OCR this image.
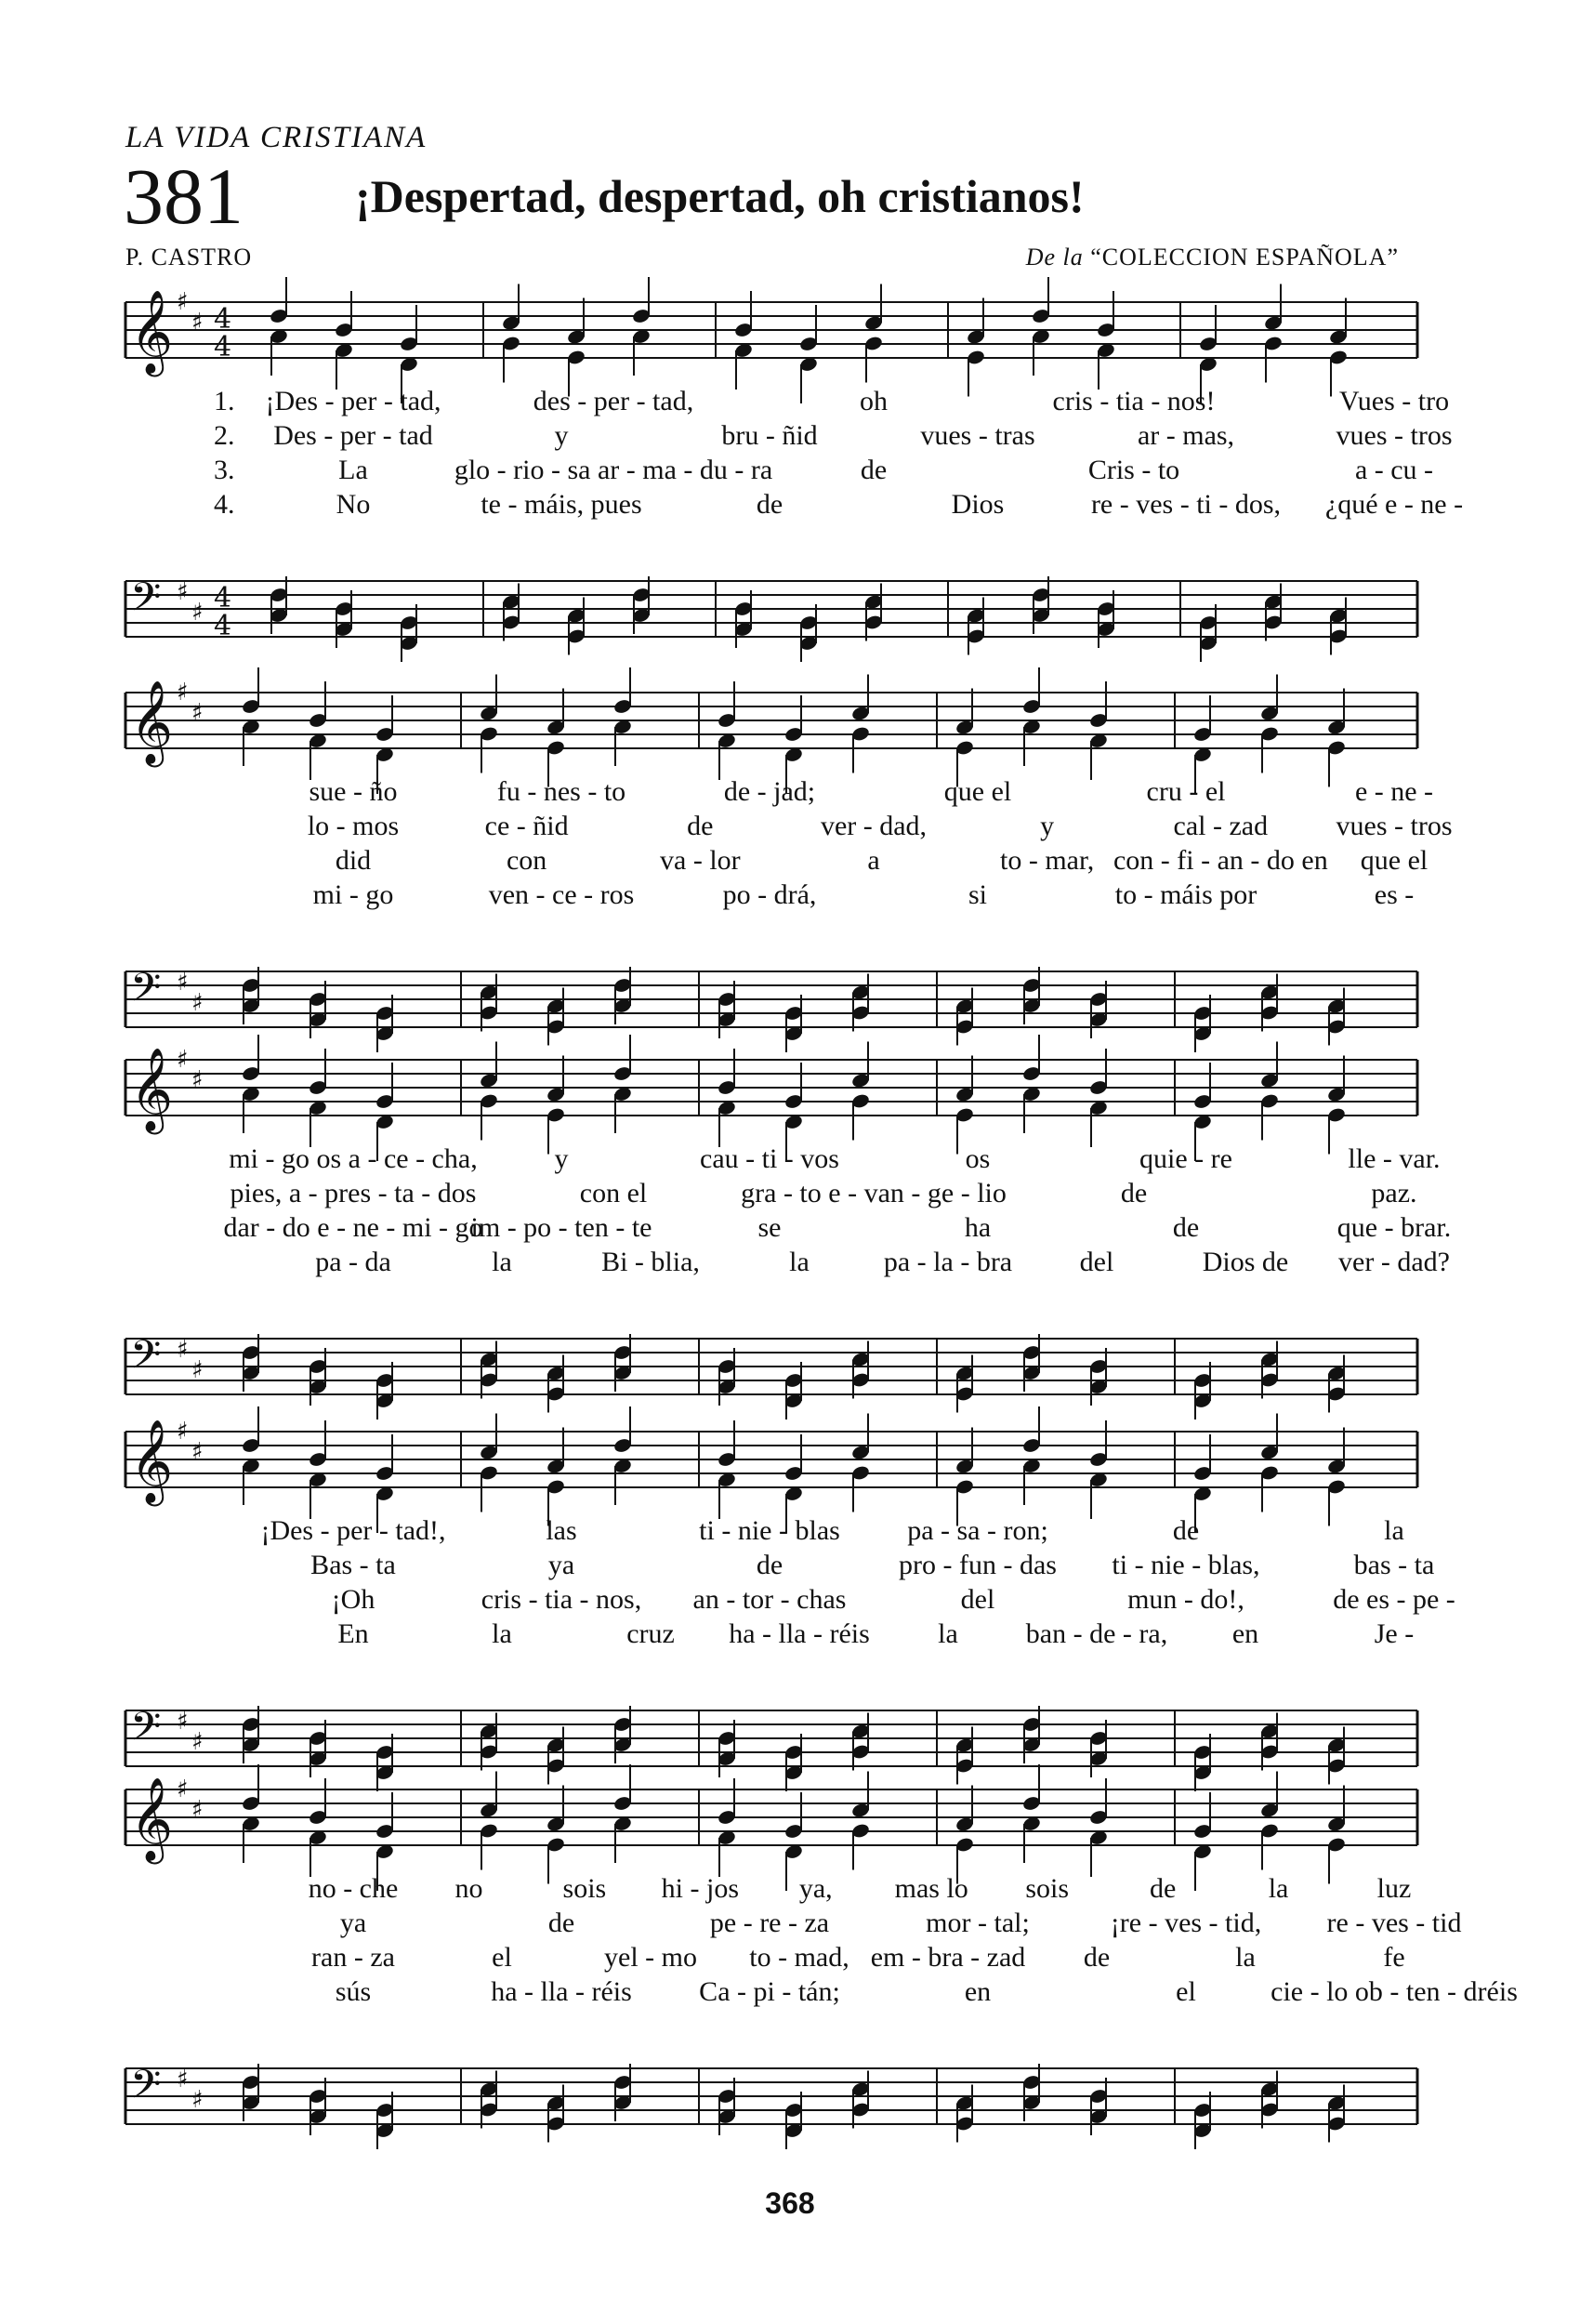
LA VIDA CRISTIANA
381 ¡Despertad, despertad, oh cristianos!
P. CASTRO	De la “COLECCION ESPAÑOLA”
𝄞 ♯
♯ 4
4
1. ¡Des - per - tad,	des - per - tad,	oh	cris - tia - nos!	Vues - tro
2. Des - per - tad	y	bru - ñid	vues - tras	ar - mas,	vues - tros
3.	La	glo - rio - sa ar - ma - du - ra	de	Cris - to	a - cu -
4.	No	te - máis, pues	de	Dios	re - ves - ti - dos, ¿qué e - ne -
𝄢 ♯
♯ 4
4
𝄞 ♯
♯
sue - ño	fu - nes - to	de - jad;	que el	cru - el	e - ne -
lo - mos	ce - ñid	de	ver - dad,	y	cal - zad vues - tros
did	con	va - lor	a	to - mar, con - fi - an - do en que el
mi - go	ven - ce - ros	po - drá,	si	to - máis por	es -
𝄢 ♯
♯
𝄞 ♯
♯
mi - go os a - ce - cha,	y	cau - ti - vos	os	quie - re	lle - var.
pies, a - pres - ta - dos	con el	gra - to e - van - ge - lio	de	paz.
dar - do e - ne - mi - go
im - po - ten - te	se	ha	de	que - brar.
pa - da	la	Bi - blia,	la	pa - la - bra del	Dios de ver - dad?
𝄢 ♯
♯
𝄞 ♯
♯
¡Des - per - tad!,	las	ti - nie - blas pa - sa - ron;	de	la
Bas - ta	ya	de	pro - fun - das ti - nie - blas,	bas - ta
¡Oh	cris - tia - nos, an - tor - chas	del	mun - do!,	de es - pe -
En	la	cruz ha - lla - réis la ban - de - ra, en	Je -
𝄢 ♯
♯
𝄞 ♯
♯
no - che no	sois hi - jos ya, mas lo sois	de	la	luz
ya	de	pe - re - za	mor - tal;	¡re - ves - tid, re - ves - tid
ran - za	el	yel - mo to - mad, em - bra - zad de	la	fe
sús	ha - lla - réis Ca - pi - tán;	en	el	cie - lo ob - ten - dréis
𝄢 ♯
♯
368
